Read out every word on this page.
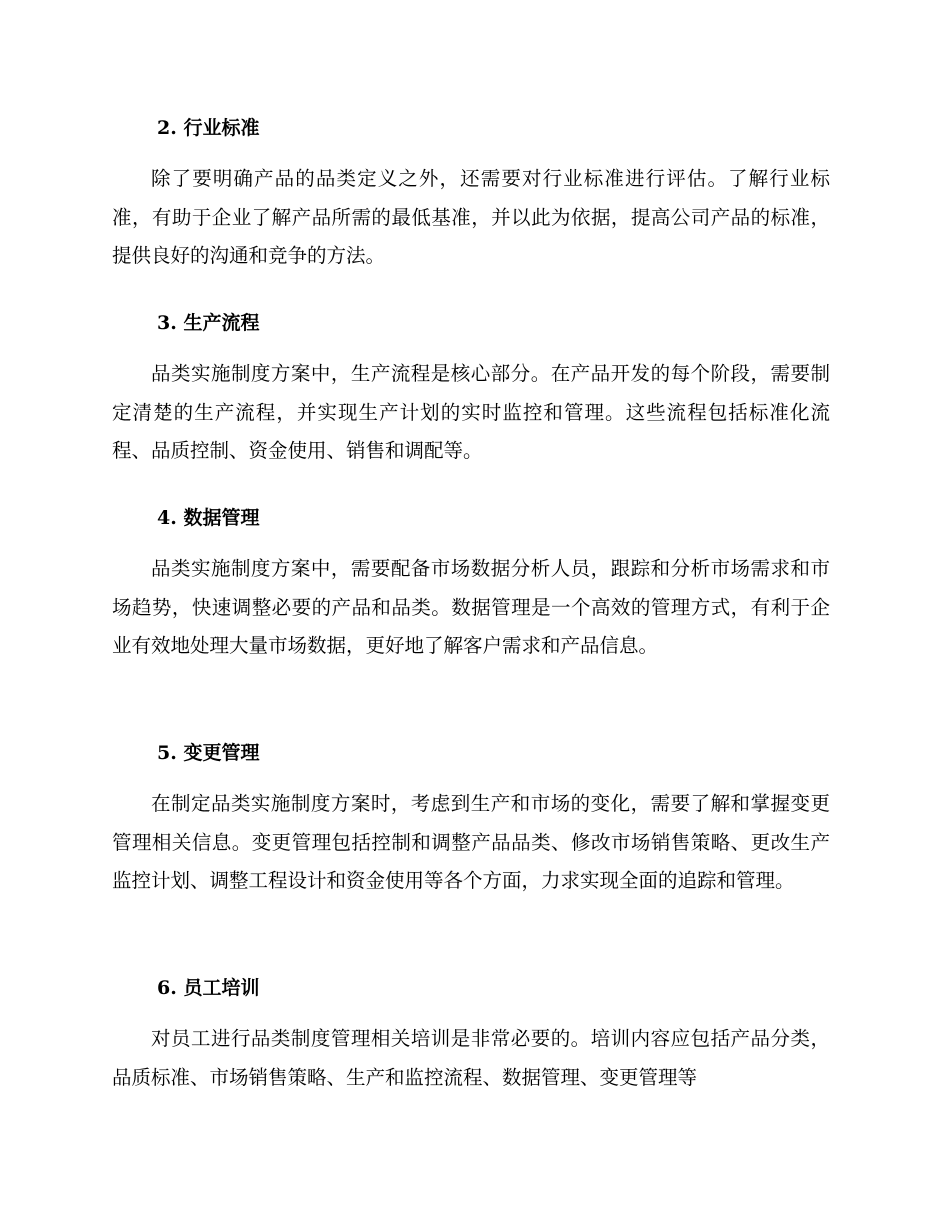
2. 行业标准

除了要明确产品的品类定义之外，还需要对行业标准进行评估。了解行业标准，有助于企业了解产品所需的最低基准，并以此为依据，提高公司产品的标准，提供良好的沟通和竞争的方法。

3. 生产流程

品类实施制度方案中，生产流程是核心部分。在产品开发的每个阶段，需要制定清楚的生产流程，并实现生产计划的实时监控和管理。这些流程包括标准化流程、品质控制、资金使用、销售和调配等。

4. 数据管理

品类实施制度方案中，需要配备市场数据分析人员，跟踪和分析市场需求和市场趋势，快速调整必要的产品和品类。数据管理是一个高效的管理方式，有利于企业有效地处理大量市场数据，更好地了解客户需求和产品信息。

5. 变更管理

在制定品类实施制度方案时，考虑到生产和市场的变化，需要了解和掌握变更管理相关信息。变更管理包括控制和调整产品品类、修改市场销售策略、更改生产监控计划、调整工程设计和资金使用等各个方面，力求实现全面的追踪和管理。

6. 员工培训

对员工进行品类制度管理相关培训是非常必要的。培训内容应包括产品分类，品质标准、市场销售策略、生产和监控流程、数据管理、变更管理等
